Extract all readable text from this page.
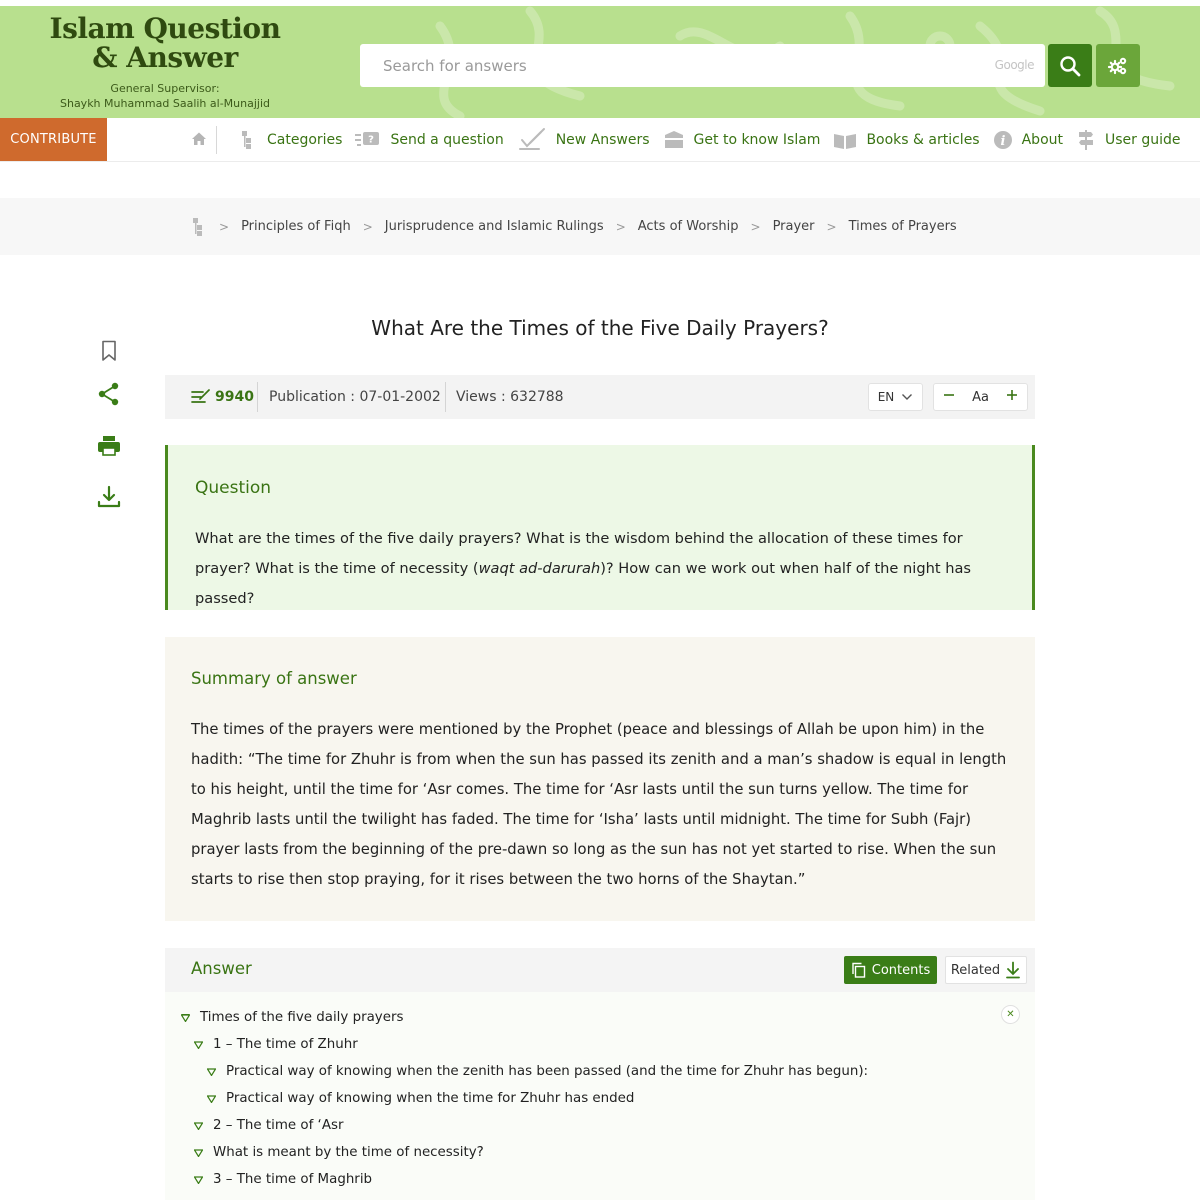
Islam Question
& Answer
General Supervisor:
Shaykh Muhammad Saalih al-Munajjid
Search for answers
Google
CONTRIBUTE	Categories	? Send a question	New Answers	Get to know Islam	Books & articles i About	User guide
> Principles of Fiqh > Jurisprudence and Islamic Rulings > Acts of Worship > Prayer > Times of Prayers
What Are the Times of the Five Daily Prayers?
9940 Publication : 07-01-2002 Views : 632788	EN	Aa
Question
What are the times of the five daily prayers? What is the wisdom behind the allocation of these times for prayer? What is the time of necessity (waqt ad-darurah)? How can we work out when half of the night has passed?
Summary of answer
The times of the prayers were mentioned by the Prophet (peace and blessings of Allah be upon him) in the hadith: “The time for Zhuhr is from when the sun has passed its zenith and a man’s shadow is equal in length to his height, until the time for ‘Asr comes. The time for ‘Asr lasts until the sun turns yellow. The time for Maghrib lasts until the twilight has faded. The time for ‘Isha’ lasts until midnight. The time for Subh (Fajr) prayer lasts from the beginning of the pre-dawn so long as the sun has not yet started to rise. When the sun starts to rise then stop praying, for it rises between the two horns of the Shaytan.”
Answer	Contents Related
✕
Times of the five daily prayers
1 – The time of Zhuhr
Practical way of knowing when the zenith has been passed (and the time for Zhuhr has begun):
Practical way of knowing when the time for Zhuhr has ended
2 – The time of ‘Asr
What is meant by the time of necessity?
3 – The time of Maghrib
